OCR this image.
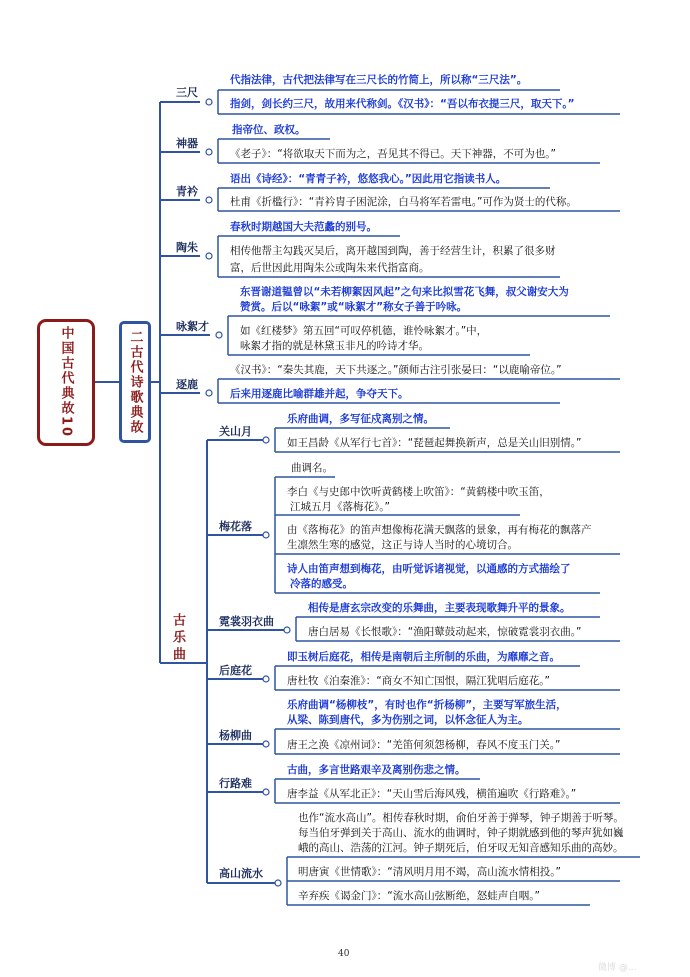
中国古代典故10	二古代诗歌典故
古乐曲
三尺
神器
青衿
陶朱
咏絮才
逐鹿
关山月
梅花落
霓裳羽衣曲
后庭花
杨柳曲
行路难
高山流水
代指法律，古代把法律写在三尺长的竹简上，所以称“三尺法”。
指剑，剑长约三尺，故用来代称剑。《汉书》：“吾以布衣提三尺，取天下。”
指帝位、政权。
《老子》：“将欲取天下而为之，吾见其不得已。天下神器，不可为也。”
语出《诗经》：“青青子衿，悠悠我心。”因此用它指读书人。
杜甫《折槛行》：“青衿胄子困泥涂，白马将军若雷电。”可作为贤士的代称。
春秋时期越国大夫范蠡的别号。
相传他帮主勾践灭吴后，离开越国到陶，善于经营生计，积累了很多财
富，后世因此用陶朱公或陶朱来代指富商。
东晋谢道韫曾以“未若柳絮因风起”之句来比拟雪花飞舞，叔父谢安大为
赞赏。后以“咏絮”或“咏絮才”称女子善于吟咏。
如《红楼梦》第五回“可叹停机德，谁怜咏絮才。”中，
咏絮才指的就是林黛玉非凡的吟诗才华。
《汉书》：“秦失其鹿，天下共逐之。”颜师古注引张晏曰：“以鹿喻帝位。”
后来用逐鹿比喻群雄并起，争夺天下。
乐府曲调，多写征戍离别之情。
如王昌龄《从军行七首》：“琵琶起舞换新声，总是关山旧别情。”
曲调名。
李白《与史郎中饮听黄鹤楼上吹笛》：“黄鹤楼中吹玉笛，
江城五月《落梅花》。”
由《落梅花》的笛声想像梅花满天飘落的景象，再有梅花的飘落产
生凛然生寒的感觉，这正与诗人当时的心境切合。
诗人由笛声想到梅花，由听觉诉诸视觉，以通感的方式描绘了
冷落的感受。
相传是唐玄宗改变的乐舞曲，主要表现歌舞升平的景象。
唐白居易《长恨歌》：“渔阳鼙鼓动起来，惊破霓裳羽衣曲。”
即玉树后庭花，相传是南朝后主所制的乐曲，为靡靡之音。
唐杜牧《泊秦淮》：“商女不知亡国恨，隔江犹唱后庭花。”
乐府曲调“杨柳枝”，有时也作“折杨柳”，主要写军旅生活，
从梁、陈到唐代，多为伤别之词，以怀念征人为主。
唐王之涣《凉州词》：“羌笛何须怨杨柳，春风不度玉门关。”
古曲，多言世路艰辛及离别伤悲之情。
唐李益《从军北正》：“天山雪后海风残，横笛遍吹《行路难》。”
也作“流水高山”。相传春秋时期，俞伯牙善于弹琴，钟子期善于听琴。
每当伯牙弹到关于高山、流水的曲调时，钟子期就感到他的琴声犹如巍
峨的高山、浩荡的江河。钟子期死后，伯牙叹无知音感知乐曲的高妙。
明唐寅《世情歌》：“清风明月用不竭，高山流水情相投。”
辛弃疾《谒金门》：“流水高山弦断绝，怒蛙声自咽。”
40
微博 @...
